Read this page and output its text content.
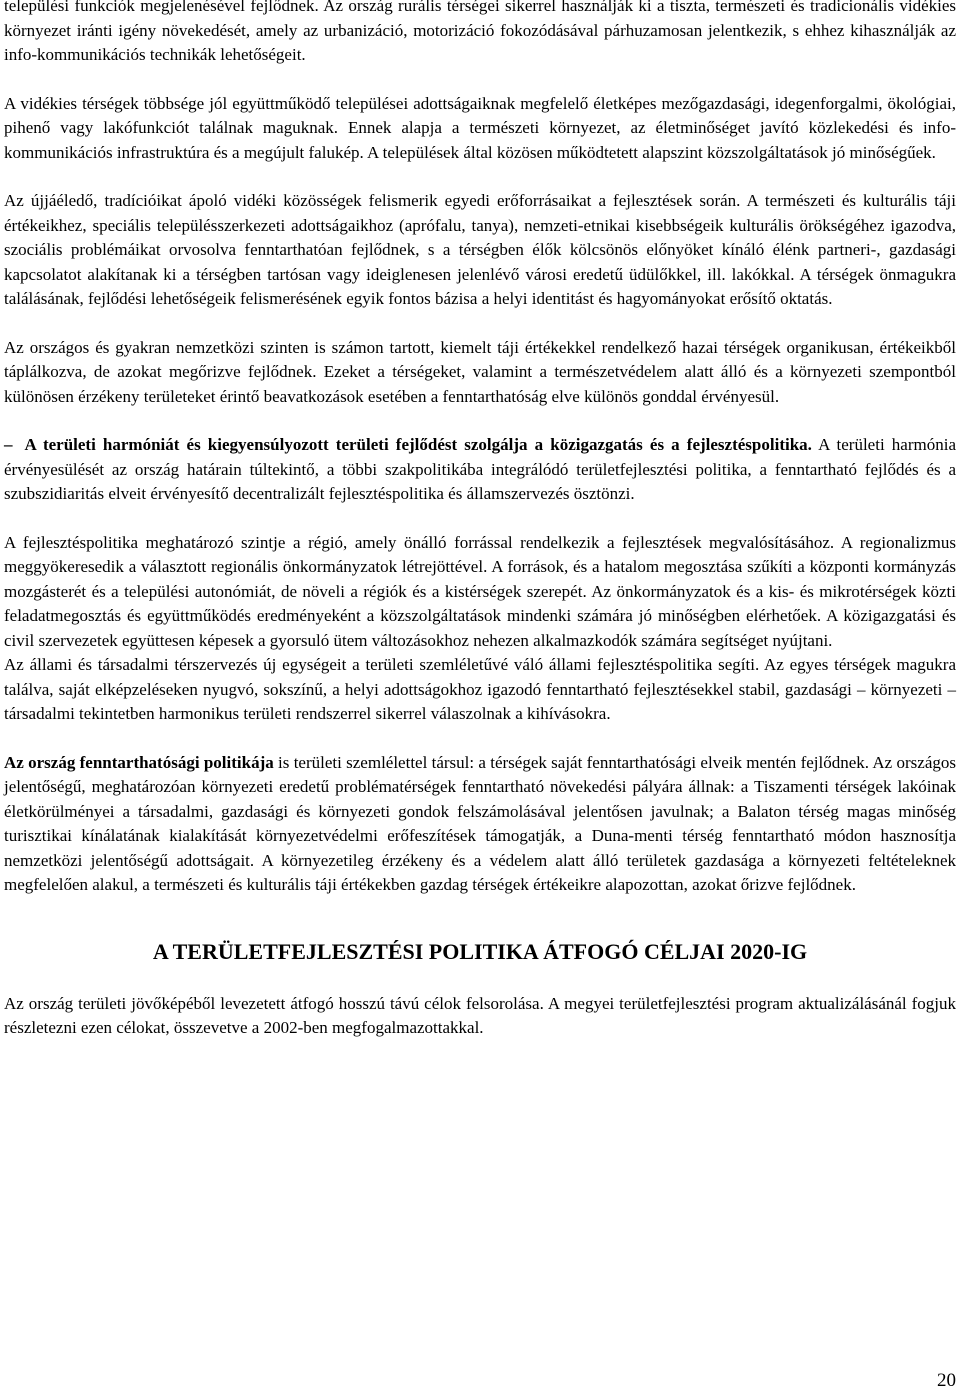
települési funkciók megjelenésével fejlődnek. Az ország rurális térségei sikerrel használják ki a tiszta, természeti és tradicionális vidékies környezet iránti igény növekedését, amely az urbanizáció, motorizáció fokozódásával párhuzamosan jelentkezik, s ehhez kihasználják az info-kommunikációs technikák lehetőségeit.

A vidékies térségek többsége jól együttműködő települései adottságaiknak megfelelő életképes mezőgazdasági, idegenforgalmi, ökológiai, pihenő vagy lakófunkciót találnak maguknak. Ennek alapja a természeti környezet, az életminőséget javító közlekedési és info-kommunikációs infrastruktúra és a megújult falukép. A települések által közösen működtetett alapszint közszolgáltatások jó minőségűek.

Az újjáéledő, tradícióikat ápoló vidéki közösségek felismerik egyedi erőforrásaikat a fejlesztések során. A természeti és kulturális táji értékeikhez, speciális településszerkezeti adottságaikhoz (aprófalu, tanya), nemzeti-etnikai kisebbségeik kulturális örökségéhez igazodva, szociális problémáikat orvosolva fenntarthatóan fejlődnek, s a térségben élők kölcsönös előnyöket kínáló élénk partneri-, gazdasági kapcsolatot alakítanak ki a térségben tartósan vagy ideiglenesen jelenlévő városi eredetű üdülőkkel, ill. lakókkal. A térségek önmagukra találásának, fejlődési lehetőségeik felismerésének egyik fontos bázisa a helyi identitást és hagyományokat erősítő oktatás.

Az országos és gyakran nemzetközi szinten is számon tartott, kiemelt táji értékekkel rendelkező hazai térségek organikusan, értékeikből táplálkozva, de azokat megőrizve fejlődnek. Ezeket a térségeket, valamint a természetvédelem alatt álló és a környezeti szempontból különösen érzékeny területeket érintő beavatkozások esetében a fenntarthatóság elve különös gonddal érvényesül.

– A területi harmóniát és kiegyensúlyozott területi fejlődést szolgálja a közigazgatás és a fejlesztéspolitika. A területi harmónia érvényesülését az ország határain túltekintő, a többi szakpolitikába integrálódó területfejlesztési politika, a fenntartható fejlődés és a szubszidiaritás elveit érvényesítő decentralizált fejlesztéspolitika és államszervezés ösztönzi.

A fejlesztéspolitika meghatározó szintje a régió, amely önálló forrással rendelkezik a fejlesztések megvalósításához. A regionalizmus meggyökeresedik a választott regionális önkormányzatok létrejöttével. A források, és a hatalom megosztása szűkíti a központi kormányzás mozgásterét és a települési autonómiát, de növeli a régiók és a kistérségek szerepét. Az önkormányzatok és a kis- és mikrotérségek közti feladatmegosztás és együttműködés eredményeként a közszolgáltatások mindenki számára jó minőségben elérhetőek. A közigazgatási és civil szervezetek együttesen képesek a gyorsuló ütem változásokhoz nehezen alkalmazkodók számára segítséget nyújtani.

Az állami és társadalmi térszervezés új egységeit a területi szemléletűvé váló állami fejlesztéspolitika segíti. Az egyes térségek magukra találva, saját elképzeléseken nyugvó, sokszínű, a helyi adottságokhoz igazodó fenntartható fejlesztésekkel stabil, gazdasági – környezeti – társadalmi tekintetben harmonikus területi rendszerrel sikerrel válaszolnak a kihívásokra.

Az ország fenntarthatósági politikája is területi szemlélettel társul: a térségek saját fenntarthatósági elveik mentén fejlődnek. Az országos jelentőségű, meghatározóan környezeti eredetű problématérségek fenntartható növekedési pályára állnak: a Tiszamenti térségek lakóinak életkörülményei a társadalmi, gazdasági és környezeti gondok felszámolásával jelentősen javulnak; a Balaton térség magas minőség turisztikai kínálatának kialakítását környezetvédelmi erőfeszítések támogatják, a Duna-menti térség fenntartható módon hasznosítja nemzetközi jelentőségű adottságait. A környezetileg érzékeny és a védelem alatt álló területek gazdasága a környezeti feltételeknek megfelelően alakul, a természeti és kulturális táji értékekben gazdag térségek értékeikre alapozottan, azokat őrizve fejlődnek.

A TERÜLETFEJLESZTÉSI POLITIKA ÁTFOGÓ CÉLJAI 2020-IG

Az ország területi jövőképéből levezetett átfogó hosszú távú célok felsorolása. A megyei területfejlesztési program aktualizálásánál fogjuk részletezni ezen célokat, összevetve a 2002-ben megfogalmazottakkal.

20
